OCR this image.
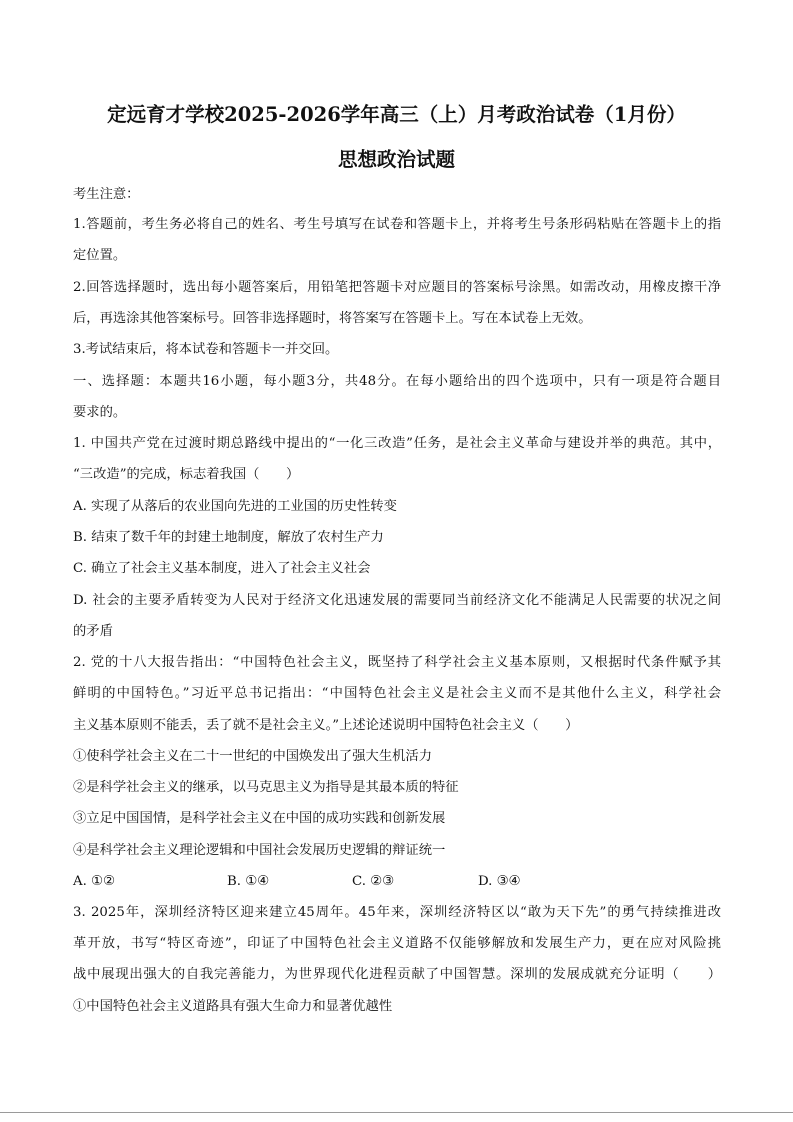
定远育才学校2025-2026学年高三（上）月考政治试卷（1月份）
思想政治试题
考生注意：
1.答题前，考生务必将自己的姓名、考生号填写在试卷和答题卡上，并将考生号条形码粘贴在答题卡上的指
定位置。
2.回答选择题时，选出每小题答案后，用铅笔把答题卡对应题目的答案标号涂黑。如需改动，用橡皮擦干净
后，再选涂其他答案标号。回答非选择题时，将答案写在答题卡上。写在本试卷上无效。
3.考试结束后，将本试卷和答题卡一并交回。
一、选择题：本题共16小题，每小题3分，共48分。在每小题给出的四个选项中，只有一项是符合题目
要求的。
1. 中国共产党在过渡时期总路线中提出的“一化三改造”任务，是社会主义革命与建设并举的典范。其中，
“三改造”的完成，标志着我国（　　）
A. 实现了从落后的农业国向先进的工业国的历史性转变
B. 结束了数千年的封建土地制度，解放了农村生产力
C. 确立了社会主义基本制度，进入了社会主义社会
D. 社会的主要矛盾转变为人民对于经济文化迅速发展的需要同当前经济文化不能满足人民需要的状况之间
的矛盾
2. 党的十八大报告指出：“中国特色社会主义，既坚持了科学社会主义基本原则，又根据时代条件赋予其
鲜明的中国特色。”习近平总书记指出：“中国特色社会主义是社会主义而不是其他什么主义，科学社会
主义基本原则不能丢，丢了就不是社会主义。”上述论述说明中国特色社会主义（　　）
①使科学社会主义在二十一世纪的中国焕发出了强大生机活力
②是科学社会主义的继承，以马克思主义为指导是其最本质的特征
③立足中国国情，是科学社会主义在中国的成功实践和创新发展
④是科学社会主义理论逻辑和中国社会发展历史逻辑的辩证统一
A. ①②	B. ①④	C. ②③	D. ③④
3. 2025年，深圳经济特区迎来建立45周年。45年来，深圳经济特区以“敢为天下先”的勇气持续推进改
革开放，书写“特区奇迹”，印证了中国特色社会主义道路不仅能够解放和发展生产力，更在应对风险挑
战中展现出强大的自我完善能力，为世界现代化进程贡献了中国智慧。深圳的发展成就充分证明（　　）
①中国特色社会主义道路具有强大生命力和显著优越性
